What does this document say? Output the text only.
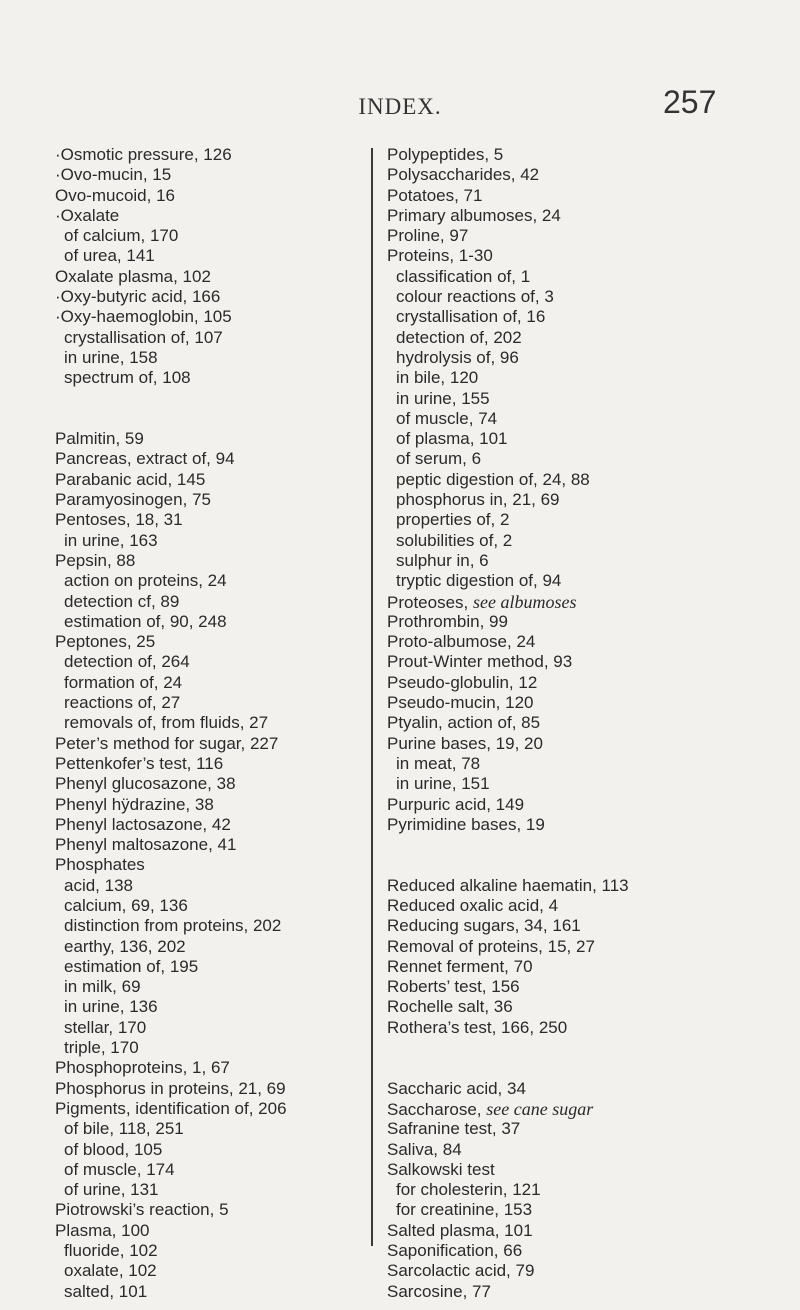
INDEX.	257
·Osmotic pressure, 126
·Ovo-mucin, 15
Ovo-mucoid, 16
·Oxalate
of calcium, 170
of urea, 141
Oxalate plasma, 102
·Oxy-butyric acid, 166
·Oxy-haemoglobin, 105
crystallisation of, 107
in urine, 158
spectrum of, 108
Palmitin, 59
Pancreas, extract of, 94
Parabanic acid, 145
Paramyosinogen, 75
Pentoses, 18, 31
in urine, 163
Pepsin, 88
action on proteins, 24
detection cf, 89
estimation of, 90, 248
Peptones, 25
detection of, 264
formation of, 24
reactions of, 27
removals of, from fluids, 27
Peter’s method for sugar, 227
Pettenkofer’s test, 116
Phenyl glucosazone, 38
Phenyl hÿdrazine, 38
Phenyl lactosazone, 42
Phenyl maltosazone, 41
Phosphates
acid, 138
calcium, 69, 136
distinction from proteins, 202
earthy, 136, 202
estimation of, 195
in milk, 69
in urine, 136
stellar, 170
triple, 170
Phosphoproteins, 1, 67
Phosphorus in proteins, 21, 69
Pigments, identification of, 206
of bile, 118, 251
of blood, 105
of muscle, 174
of urine, 131
Piotrowski’s reaction, 5
Plasma, 100
fluoride, 102
oxalate, 102
salted, 101
Polypeptides, 5
Polysaccharides, 42
Potatoes, 71
Primary albumoses, 24
Proline, 97
Proteins, 1-30
classification of, 1
colour reactions of, 3
crystallisation of, 16
detection of, 202
hydrolysis of, 96
in bile, 120
in urine, 155
of muscle, 74
of plasma, 101
of serum, 6
peptic digestion of, 24, 88
phosphorus in, 21, 69
properties of, 2
solubilities of, 2
sulphur in, 6
tryptic digestion of, 94
Proteoses, see albumoses
Prothrombin, 99
Proto-albumose, 24
Prout-Winter method, 93
Pseudo-globulin, 12
Pseudo-mucin, 120
Ptyalin, action of, 85
Purine bases, 19, 20
in meat, 78
in urine, 151
Purpuric acid, 149
Pyrimidine bases, 19
Reduced alkaline haematin, 113
Reduced oxalic acid, 4
Reducing sugars, 34, 161
Removal of proteins, 15, 27
Rennet ferment, 70
Roberts’ test, 156
Rochelle salt, 36
Rothera’s test, 166, 250
Saccharic acid, 34
Saccharose, see cane sugar
Safranine test, 37
Saliva, 84
Salkowski test
for cholesterin, 121
for creatinine, 153
Salted plasma, 101
Saponification, 66
Sarcolactic acid, 79
Sarcosine, 77
